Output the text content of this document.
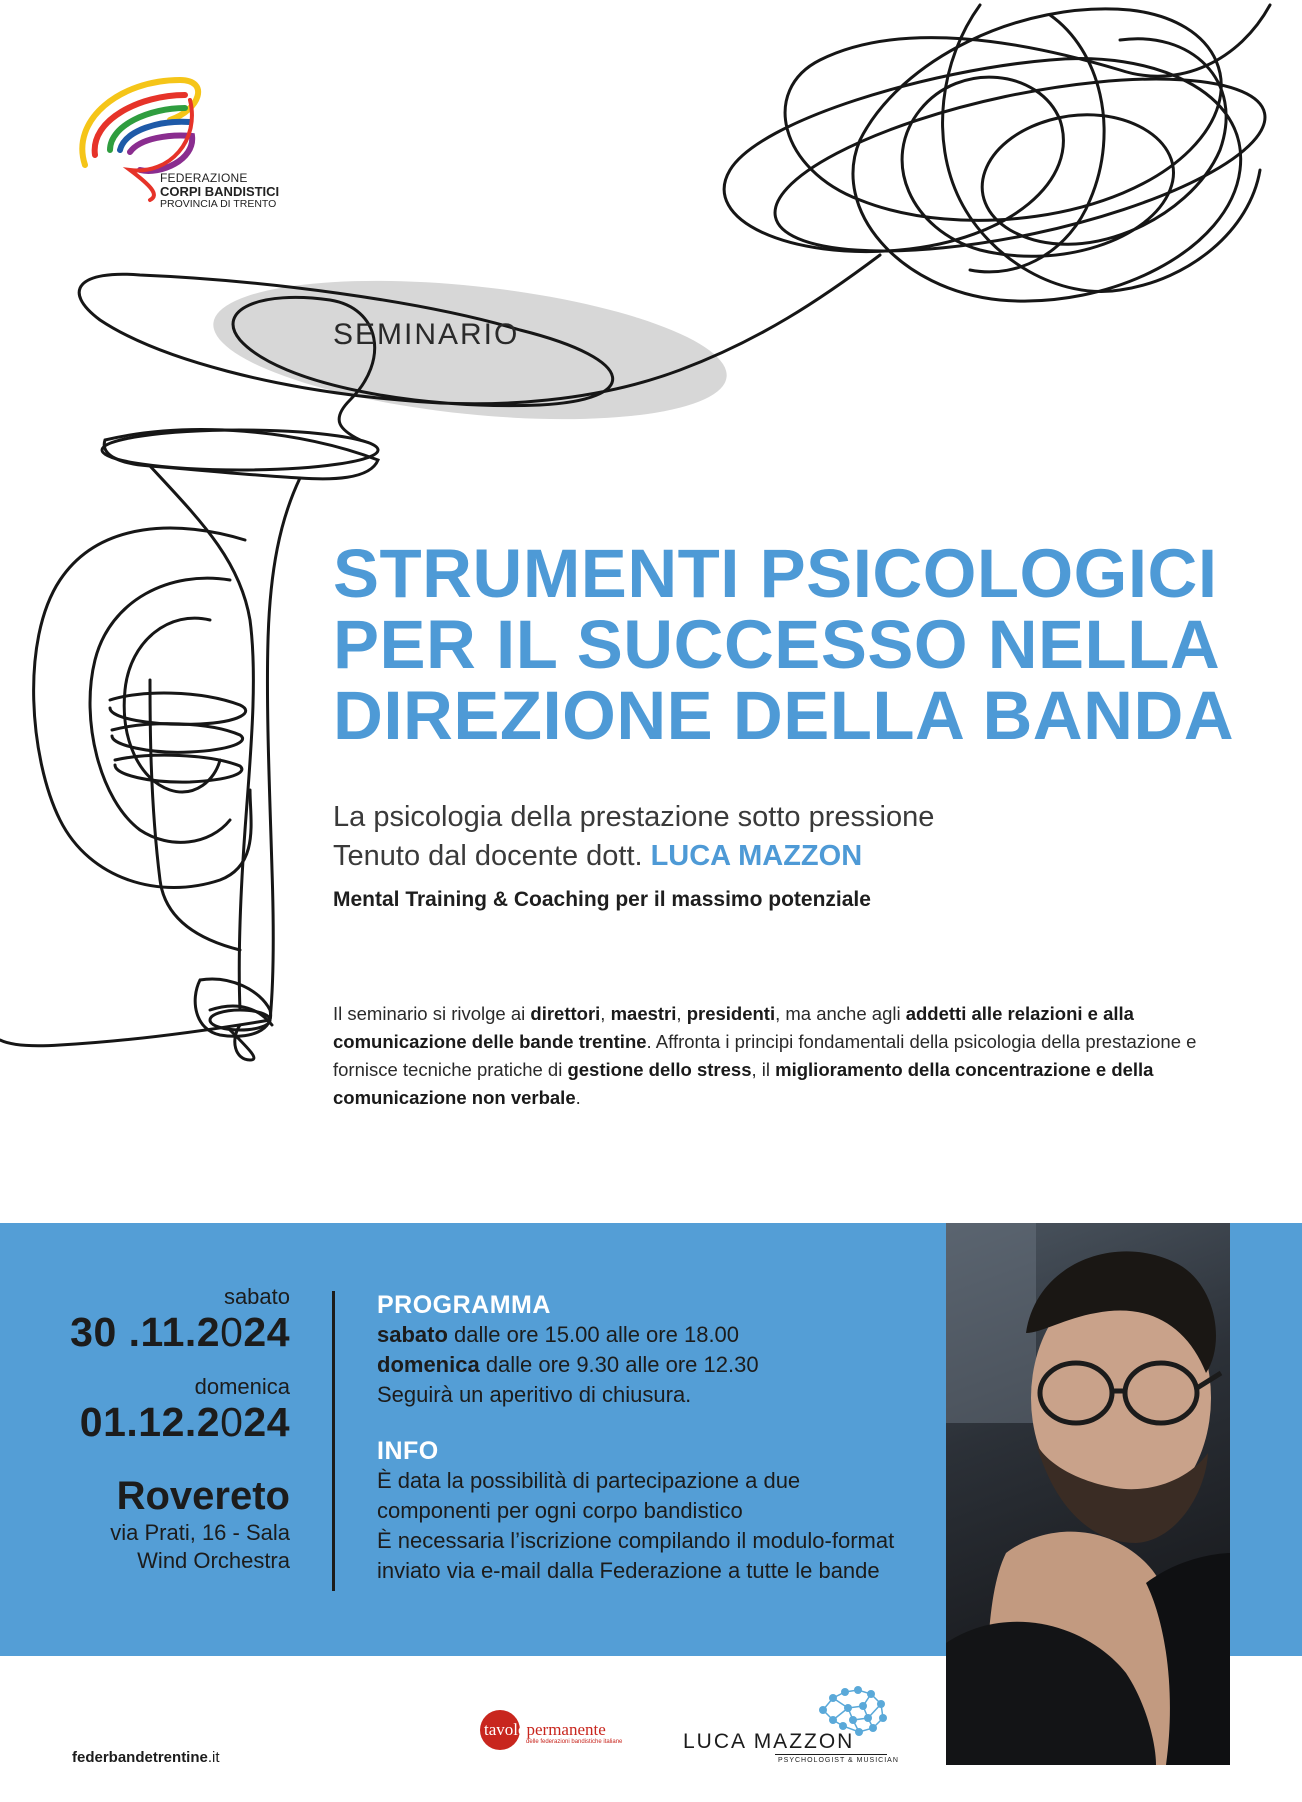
FEDERAZIONE
CORPI BANDISTICI
PROVINCIA DI TRENTO
SEMINARIO
STRUMENTI PSICOLOGICI
PER IL SUCCESSO NELLA
DIREZIONE DELLA BANDA
La psicologia della prestazione sotto pressione
Tenuto dal docente dott. LUCA MAZZON
Mental Training & Coaching per il massimo potenziale
Il seminario si rivolge ai direttori, maestri, presidenti, ma anche agli addetti alle relazioni e alla comunicazione delle bande trentine. Affronta i principi fondamentali della psicologia della prestazione e fornisce tecniche pratiche di gestione dello stress, il miglioramento della concentrazione e della comunicazione non verbale.
sabato
30 .11.2024
domenica
01.12.2024
Rovereto
via Prati, 16 - Sala
Wind Orchestra
PROGRAMMA
sabato dalle ore 15.00 alle ore 18.00
domenica dalle ore 9.30 alle ore 12.30
Seguirà un aperitivo di chiusura.
INFO
È data la possibilità di partecipazione a due
componenti per ogni corpo bandistico
È necessaria l’iscrizione compilando il modulo-format
inviato via e-mail dalla Federazione a tutte le bande
federbandetrentine.it
tavolopermanente
delle federazioni bandistiche italiane	LUCA MAZZON
PSYCHOLOGIST & MUSICIAN
